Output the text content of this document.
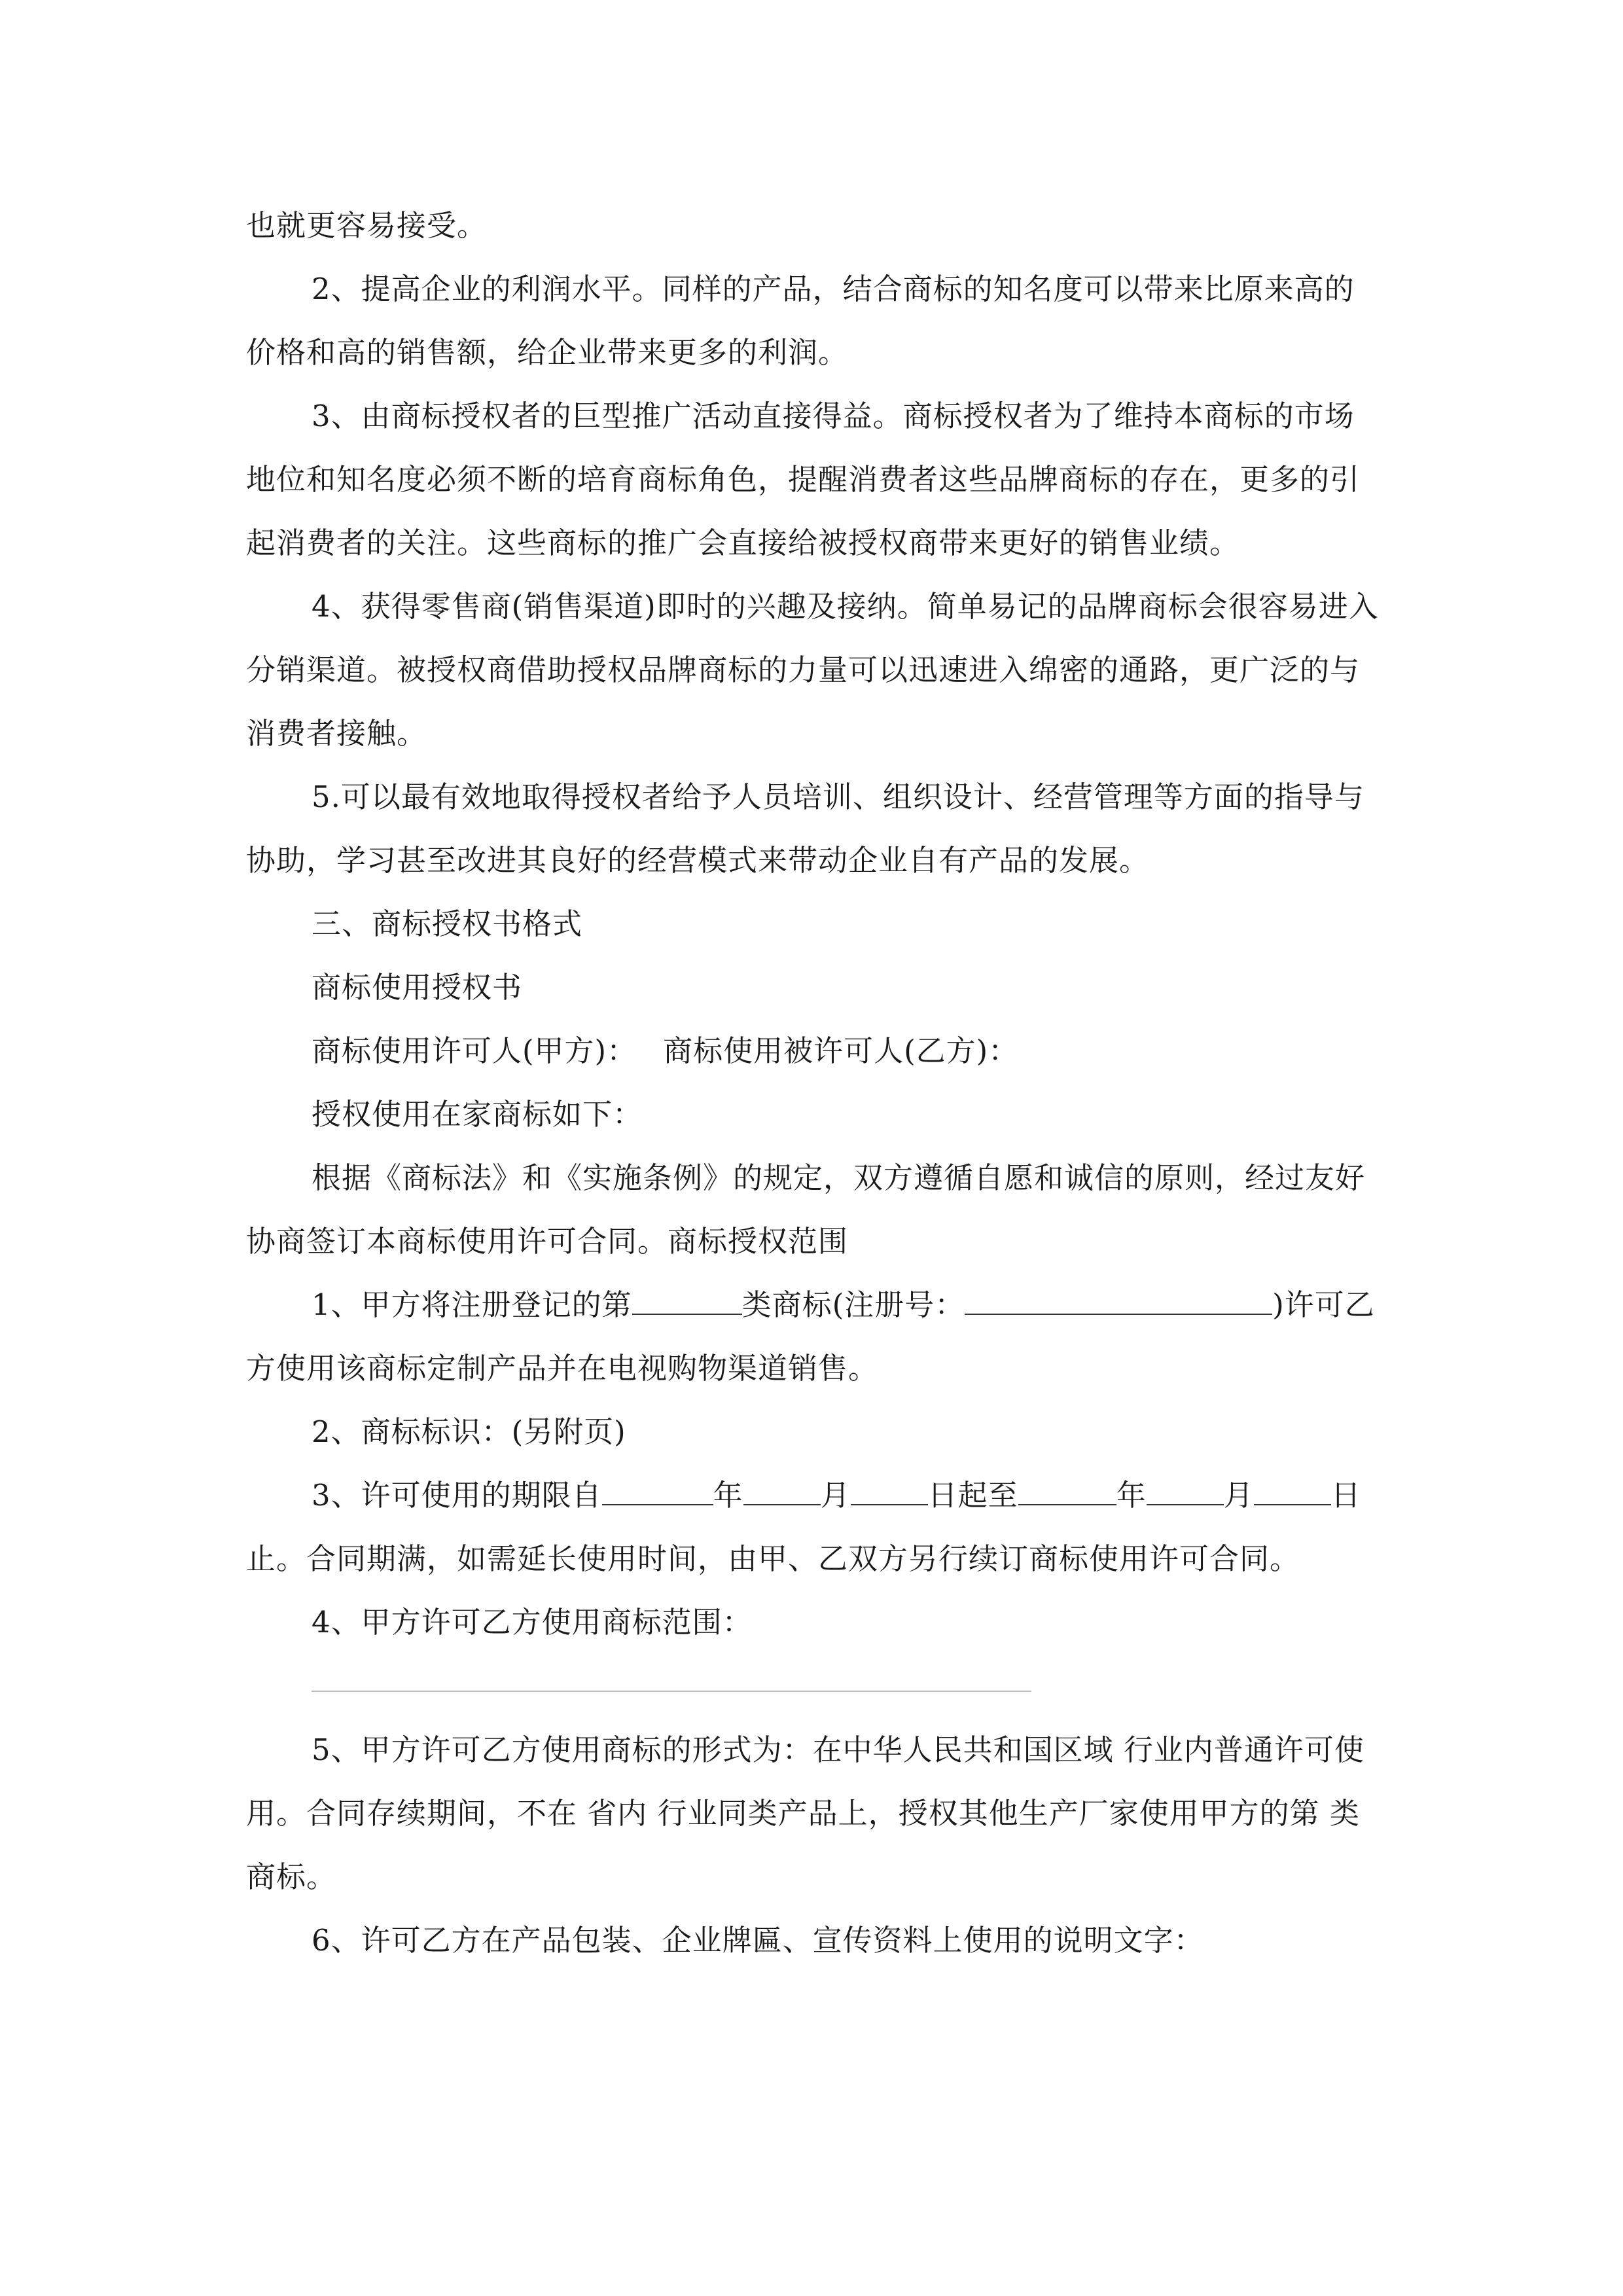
也就更容易接受。

2、提高企业的利润水平。同样的产品，结合商标的知名度可以带来比原来高的价格和高的销售额，给企业带来更多的利润。

3、由商标授权者的巨型推广活动直接得益。商标授权者为了维持本商标的市场地位和知名度必须不断的培育商标角色，提醒消费者这些品牌商标的存在，更多的引起消费者的关注。这些商标的推广会直接给被授权商带来更好的销售业绩。

4、获得零售商(销售渠道)即时的兴趣及接纳。简单易记的品牌商标会很容易进入分销渠道。被授权商借助授权品牌商标的力量可以迅速进入绵密的通路，更广泛的与消费者接触。

5.可以最有效地取得授权者给予人员培训、组织设计、经营管理等方面的指导与协助，学习甚至改进其良好的经营模式来带动企业自有产品的发展。

三、商标授权书格式

商标使用授权书

商标使用许可人(甲方)： 商标使用被许可人(乙方)：

授权使用在家商标如下：

根据《商标法》和《实施条例》的规定，双方遵循自愿和诚信的原则，经过友好协商签订本商标使用许可合同。商标授权范围

1、甲方将注册登记的第	类商标(注册号：	)许可乙方使用该商标定制产品并在电视购物渠道销售。

2、商标标识：(另附页)

3、许可使用的期限自	年	月	日起至	年	月	日止。合同期满，如需延长使用时间，由甲、乙双方另行续订商标使用许可合同。

4、甲方许可乙方使用商标范围：

5、甲方许可乙方使用商标的形式为：在中华人民共和国区域 行业内普通许可使用。合同存续期间，不在 省内 行业同类产品上，授权其他生产厂家使用甲方的第 类商标。

6、许可乙方在产品包装、企业牌匾、宣传资料上使用的说明文字：
